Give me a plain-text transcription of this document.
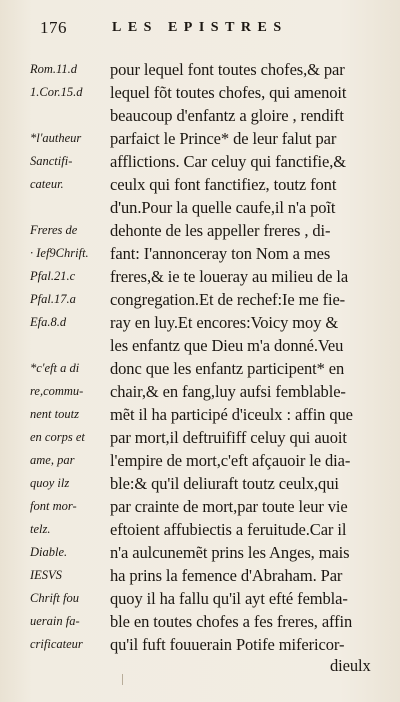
176	LES EPISTRES
Rom.11.d	pour lequel font toutes chofes,& par
1.Cor.15.d	lequel fõt toutes chofes, qui amenoit
beaucoup d'enfantz a gloire , rendift
*l'autheur	parfaict le Prince* de leur falut par
Sanctifi-	afflictions. Car celuy qui fanctifie,&
cateur.	ceulx qui font fanctifiez, toutz font
d'un.Pour la quelle caufe,il n'a poĩt
Freres de	dehonte de les appeller freres , di-
· Ief9Chrift.	fant: I'annonceray ton Nom a mes
Pfal.21.c	freres,& ie te loueray au milieu de la
Pfal.17.a	congregation.Et de rechef:Ie me fie-
Efa.8.d	ray en luy.Et encores:Voicy moy &
les enfantz que Dieu m'a donné.Veu
*c'eft a di	donc que les enfantz participent* en
re,commu-	chair,& en fang,luy aufsi femblable-
nent toutz	mẽt il ha participé d'iceulx : affin que
en corps et	par mort,il deftruififf celuy qui auoit
ame, par	l'empire de mort,c'eft afçauoir le dia-
quoy ilz	ble:& qu'il deliuraft toutz ceulx,qui
font mor-	par crainte de mort,par toute leur vie
telz.	eftoient affubiectis a feruitude.Car il
Diable.	n'a aulcunemẽt prins les Anges, mais
IESVS	ha prins la femence d'Abraham. Par
Chrift fou	quoy il ha fallu qu'il ayt efté fembla-
uerain fa-	ble en toutes chofes a fes freres, affin
crificateur	qu'il fuft fouuerain Potife mifericor-
dieulx
